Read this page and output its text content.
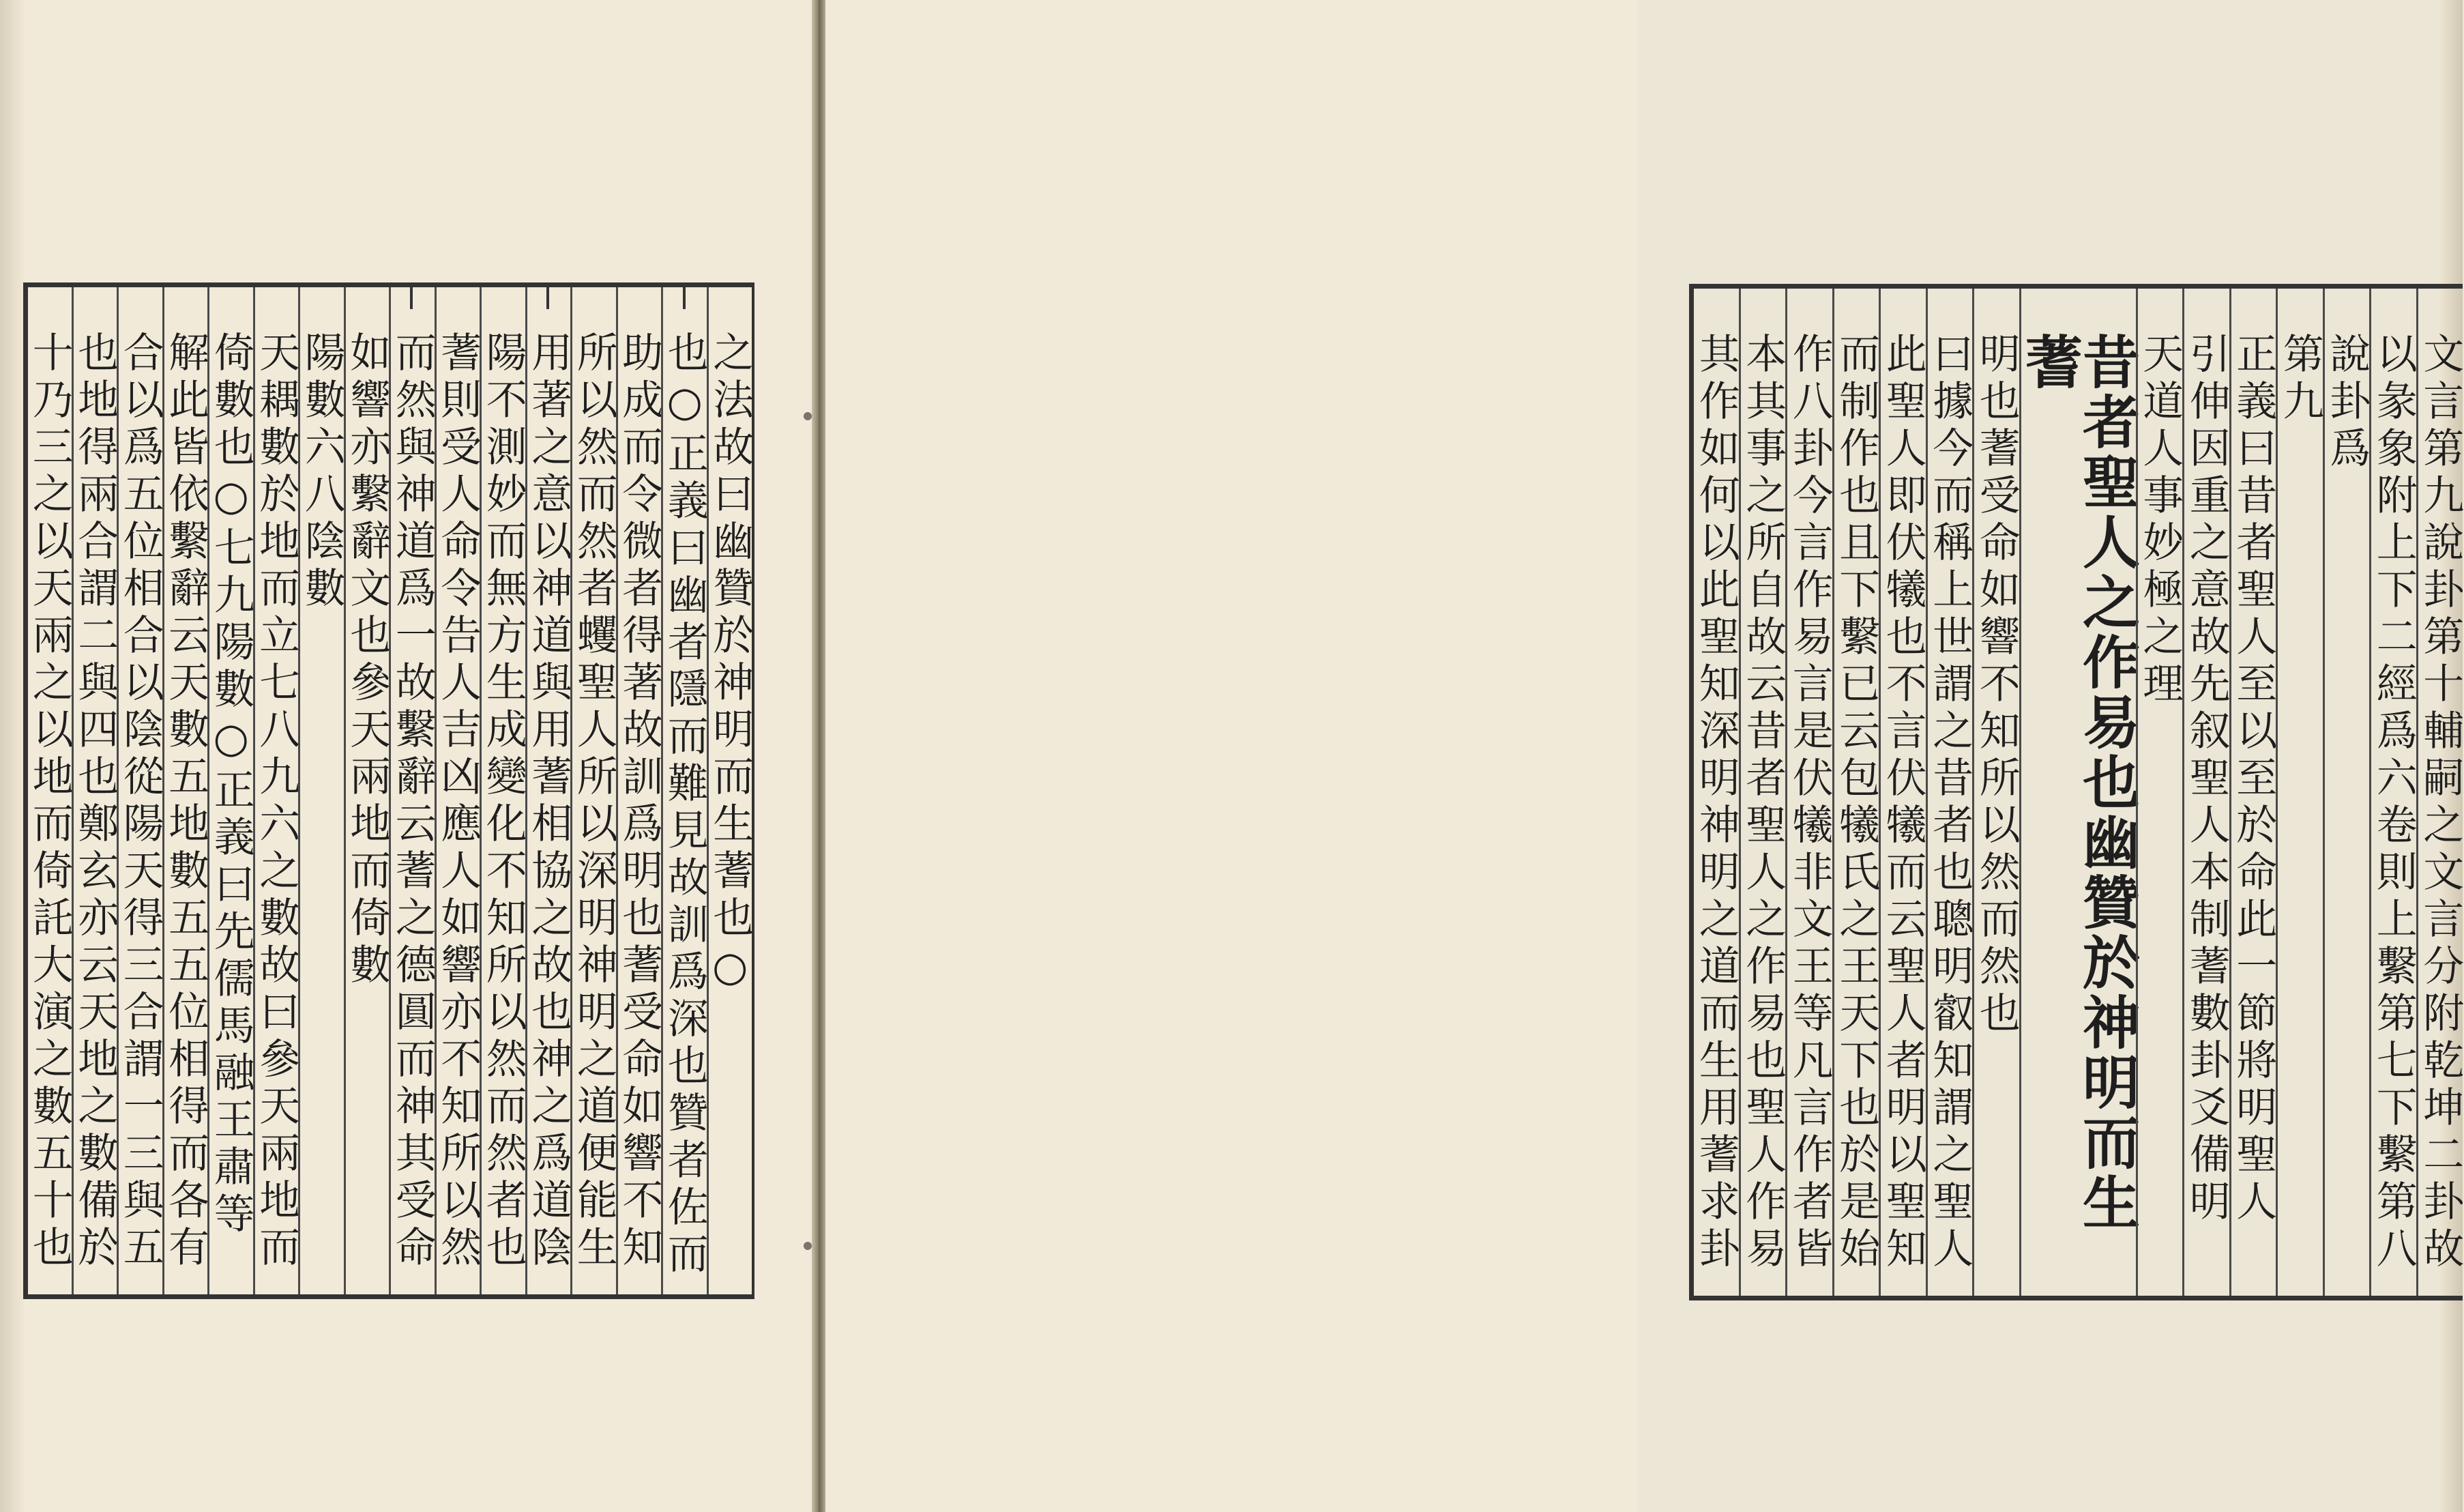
之法故曰幽贊於神明而生蓍也○
也○正義曰幽者隱而難見故訓爲深也贊者佐而
助成而令微者得著故訓爲明也蓍受命如響不知
所以然而然者蠼聖人所以深明神明之道便能生
用著之意以神道與用蓍相協之故也神之爲道陰
陽不測妙而無方生成變化不知所以然而然者也
蓍則受人命令告人吉凶應人如響亦不知所以然
而然與神道爲一故繫辭云蓍之德圓而神其受命
如響亦繫辭文也參天兩地而倚數
陽數六八陰數
天耦數於地而立七八九六之數故曰參天兩地而
倚數也○七九陽數○正義曰先儒馬融王肅等
解此皆依繫辭云天數五地數五五位相得而各有
合以爲五位相合以陰從陽天得三合謂一三與五
也地得兩合謂二與四也鄭玄亦云天地之數備於
十乃三之以天兩之以地而倚託大演之數五十也	文言第九說卦第十輔嗣之文言分附乾坤二卦故
以彖象附上下二經爲六卷則上繫第七下繫第八
說卦爲
第九
正義曰昔者聖人至以至於命此一節將明聖人
引伸因重之意故先叙聖人本制蓍數卦爻備明
天道人事妙極之理
昔者聖人之作易也幽贊於神明而生蓍
明也蓍受命如響不知所以然而然也
曰據今而稱上世謂之昔者也聰明叡知謂之聖人
此聖人即伏犧也不言伏犧而云聖人者明以聖知
而制作也且下繫已云包犧氏之王天下也於是始
作八卦今言作易言是伏犧非文王等凡言作者皆
本其事之所自故云昔者聖人之作易也聖人作易
其作如何以此聖知深明神明之道而生用蓍求卦
